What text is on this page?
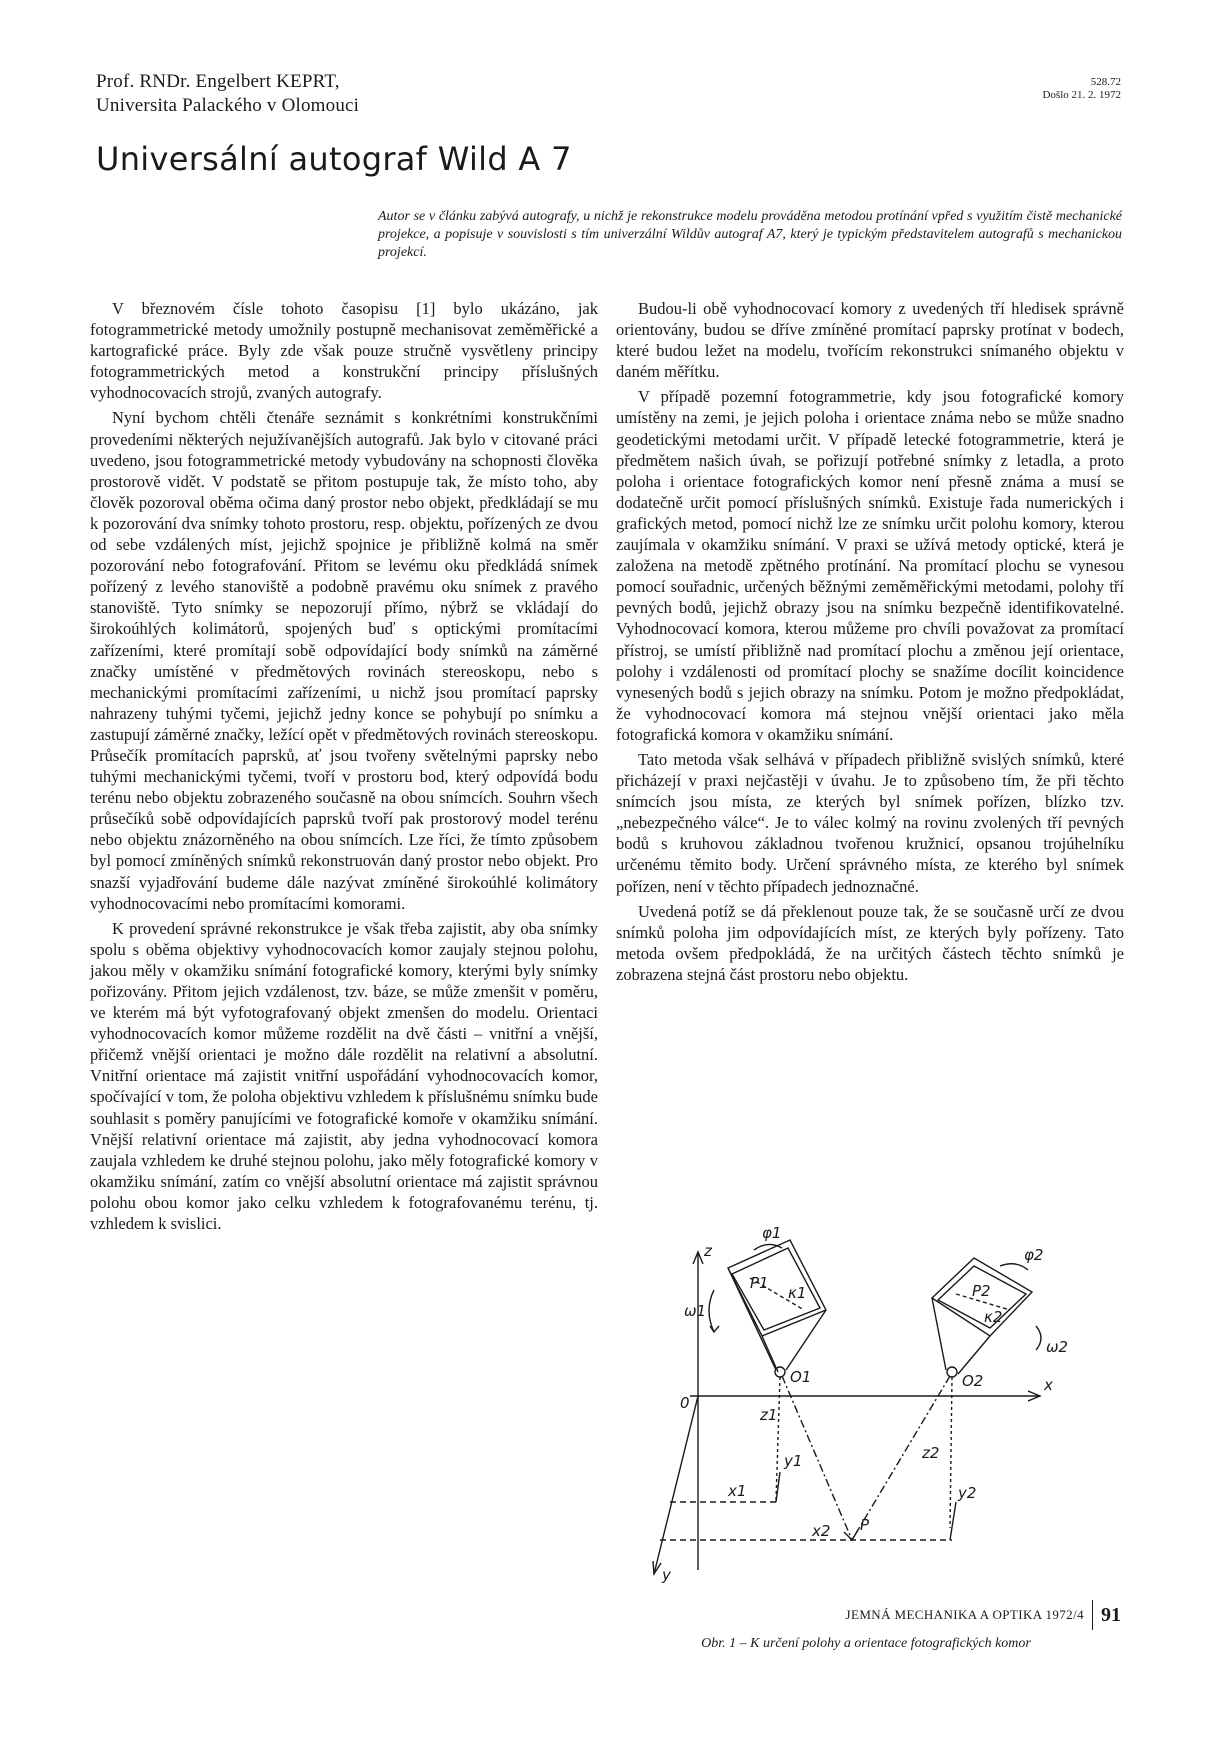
Prof. RNDr. Engelbert KEPRT,
Universita Palackého v Olomouci
528.72
Došlo 21. 2. 1972
Universální autograf Wild A 7

Autor se v článku zabývá autografy, u nichž je rekonstrukce modelu prováděna metodou protínání vpřed s využitím čistě mechanické projekce, a popisuje v souvislosti s tím univerzální Wildův autograf A7, který je typickým představitelem autografů s mechanickou projekcí.

V březnovém čísle tohoto časopisu [1] bylo ukázáno, jak fotogrammetrické metody umožnily postupně mechanisovat zeměměřické a kartografické práce. Byly zde však pouze stručně vysvětleny principy fotogrammetrických metod a konstrukční principy příslušných vyhodnocovacích strojů, zvaných autografy.

Nyní bychom chtěli čtenáře seznámit s konkrétními konstrukčními provedeními některých nejužívanějších autografů. Jak bylo v citované práci uvedeno, jsou fotogrammetrické metody vybudovány na schopnosti člověka prostorově vidět. V podstatě se přitom postupuje tak, že místo toho, aby člověk pozoroval oběma očima daný prostor nebo objekt, předkládají se mu k pozorování dva snímky tohoto prostoru, resp. objektu, pořízených ze dvou od sebe vzdálených míst, jejichž spojnice je přibližně kolmá na směr pozorování nebo fotografování. Přitom se levému oku předkládá snímek pořízený z levého stanoviště a podobně pravému oku snímek z pravého stanoviště. Tyto snímky se nepozorují přímo, nýbrž se vkládají do širokoúhlých kolimátorů, spojených buď s optickými promítacími zařízeními, které promítají sobě odpovídající body snímků na záměrné značky umístěné v předmětových rovinách stereoskopu, nebo s mechanickými promítacími zařízeními, u nichž jsou promítací paprsky nahrazeny tuhými tyčemi, jejichž jedny konce se pohybují po snímku a zastupují záměrné značky, ležící opět v předmětových rovinách stereoskopu. Průsečík promítacích paprsků, ať jsou tvořeny světelnými paprsky nebo tuhými mechanickými tyčemi, tvoří v prostoru bod, který odpovídá bodu terénu nebo objektu zobrazeného současně na obou snímcích. Souhrn všech průsečíků sobě odpovídajících paprsků tvoří pak prostorový model terénu nebo objektu znázorněného na obou snímcích. Lze říci, že tímto způsobem byl pomocí zmíněných snímků rekonstruován daný prostor nebo objekt. Pro snazší vyjadřování budeme dále nazývat zmíněné širokoúhlé kolimátory vyhodnocovacími nebo promítacími komorami.

K provedení správné rekonstrukce je však třeba zajistit, aby oba snímky spolu s oběma objektivy vyhodnocovacích komor zaujaly stejnou polohu, jakou měly v okamžiku snímání fotografické komory, kterými byly snímky pořizovány. Přitom jejich vzdálenost, tzv. báze, se může zmenšit v poměru, ve kterém má být vyfotografovaný objekt zmenšen do modelu. Orientaci vyhodnocovacích komor můžeme rozdělit na dvě části – vnitřní a vnější, přičemž vnější orientaci je možno dále rozdělit na relativní a absolutní. Vnitřní orientace má zajistit vnitřní uspořádání vyhodnocovacích komor, spočívající v tom, že poloha objektivu vzhledem k příslušnému snímku bude souhlasit s poměry panujícími ve fotografické komoře v okamžiku snímání. Vnější relativní orientace má zajistit, aby jedna vyhodnocovací komora zaujala vzhledem ke druhé stejnou polohu, jako měly fotografické komory v okamžiku snímání, zatím co vnější absolutní orientace má zajistit správnou polohu obou komor jako celku vzhledem k fotografovanému terénu, tj. vzhledem k svislici.

Budou-li obě vyhodnocovací komory z uvedených tří hledisek správně orientovány, budou se dříve zmíněné promítací paprsky protínat v bodech, které budou ležet na modelu, tvořícím rekonstrukci snímaného objektu v daném měřítku.

V případě pozemní fotogrammetrie, kdy jsou fotografické komory umístěny na zemi, je jejich poloha i orientace známa nebo se může snadno geodetickými metodami určit. V případě letecké fotogrammetrie, která je předmětem našich úvah, se pořizují potřebné snímky z letadla, a proto poloha i orientace fotografických komor není přesně známa a musí se dodatečně určit pomocí příslušných snímků. Existuje řada numerických i grafických metod, pomocí nichž lze ze snímku určit polohu komory, kterou zaujímala v okamžiku snímání. V praxi se užívá metody optické, která je založena na metodě zpětného protínání. Na promítací plochu se vynesou pomocí souřadnic, určených běžnými zeměměřickými metodami, polohy tří pevných bodů, jejichž obrazy jsou na snímku bezpečně identifikovatelné. Vyhodnocovací komora, kterou můžeme pro chvíli považovat za promítací přístroj, se umístí přibližně nad promítací plochu a změnou její orientace, polohy i vzdálenosti od promítací plochy se snažíme docílit koincidence vynesených bodů s jejich obrazy na snímku. Potom je možno předpokládat, že vyhodnocovací komora má stejnou vnější orientaci jako měla fotografická komora v okamžiku snímání.

Tato metoda však selhává v případech přibližně svislých snímků, které přicházejí v praxi nejčastěji v úvahu. Je to způsobeno tím, že při těchto snímcích jsou místa, ze kterých byl snímek pořízen, blízko tzv. „nebezpečného válce“. Je to válec kolmý na rovinu zvolených tří pevných bodů s kruhovou základnou tvořenou kružnicí, opsanou trojúhelníku určenému těmito body. Určení správného místa, ze kterého byl snímek pořízen, není v těchto případech jednoznačné.

Uvedená potíž se dá překlenout pouze tak, že se současně určí ze dvou snímků poloha jim odpovídajících míst, ze kterých byly pořízeny. Tato metoda ovšem předpokládá, že na určitých částech těchto snímků je zobrazena stejná část prostoru nebo objektu.

z
x
y
0
ω1
κ1
φ1
P1
O1
ω2
κ2
φ2
P2
O2
z1
y1
x1
z2
y2
x2 P
Obr. 1 – K určení polohy a orientace fotografických komor
JEMNÁ MECHANIKA A OPTIKA 1972/4 91
